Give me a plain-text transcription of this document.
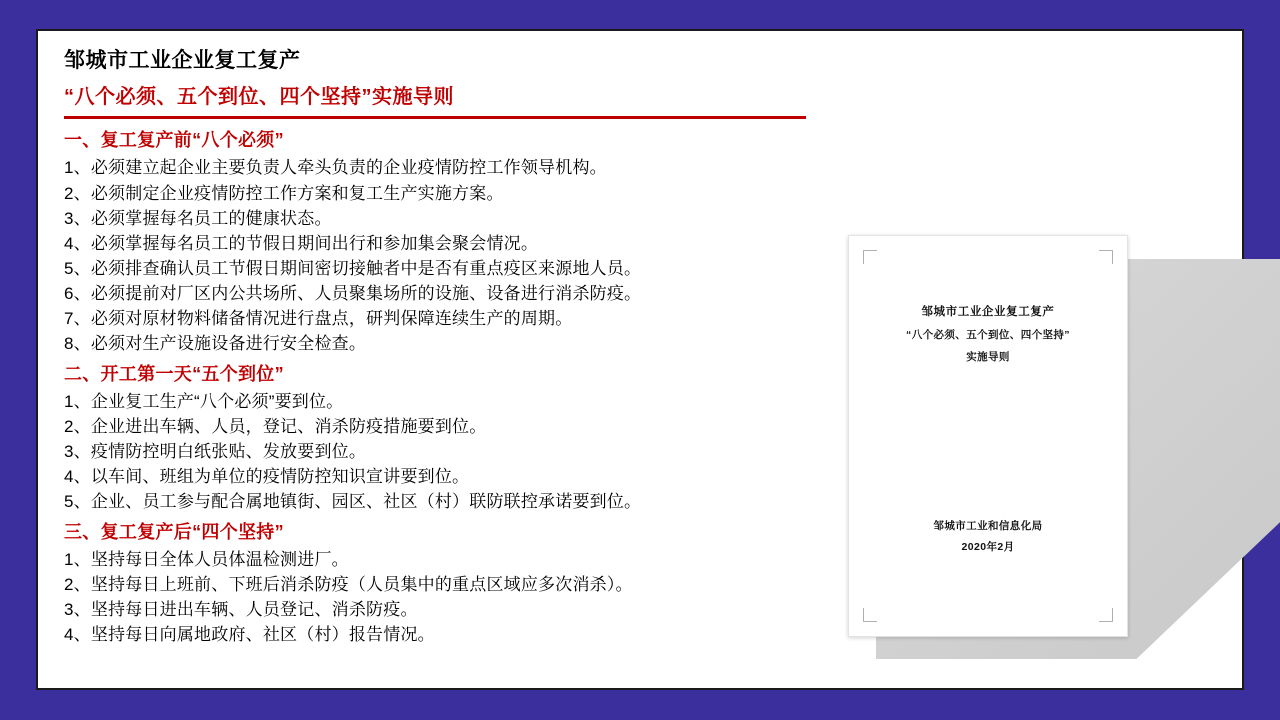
邹城市工业企业复工复产
“八个必须、五个到位、四个坚持”实施导则
一、复工复产前“八个必须”

1、必须建立起企业主要负责人牵头负责的企业疫情防控工作领导机构。

2、必须制定企业疫情防控工作方案和复工生产实施方案。

3、必须掌握每名员工的健康状态。

4、必须掌握每名员工的节假日期间出行和参加集会聚会情况。

5、必须排查确认员工节假日期间密切接触者中是否有重点疫区来源地人员。

6、必须提前对厂区内公共场所、人员聚集场所的设施、设备进行消杀防疫。

7、必须对原材物料储备情况进行盘点，研判保障连续生产的周期。

8、必须对生产设施设备进行安全检查。

二、开工第一天“五个到位”

1、企业复工生产“八个必须”要到位。

2、企业进出车辆、人员，登记、消杀防疫措施要到位。

3、疫情防控明白纸张贴、发放要到位。

4、以车间、班组为单位的疫情防控知识宣讲要到位。

5、企业、员工参与配合属地镇街、园区、社区（村）联防联控承诺要到位。

三、复工复产后“四个坚持”

1、坚持每日全体人员体温检测进厂。

2、坚持每日上班前、下班后消杀防疫（人员集中的重点区域应多次消杀）。

3、坚持每日进出车辆、人员登记、消杀防疫。

4、坚持每日向属地政府、社区（村）报告情况。

邹城市工业企业复工复产
“八个必须、五个到位、四个坚持”
实施导则
邹城市工业和信息化局
2020年2月
